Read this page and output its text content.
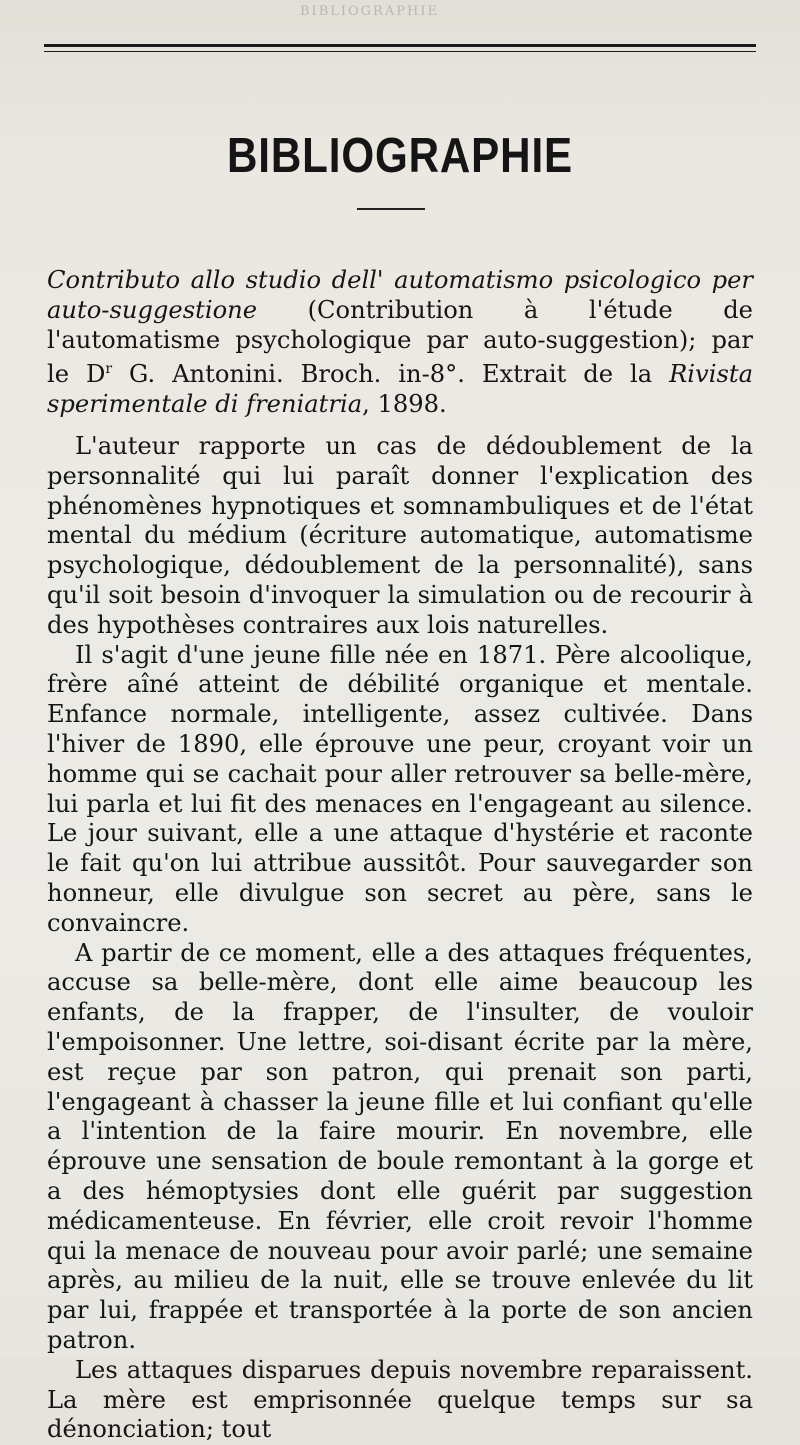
BIBLIOGRAPHIE
BIBLIOGRAPHIE
Contributo allo studio dell' automatismo psicologico per auto-suggestione (Contribution à l'étude de l'automatisme psychologique par auto-suggestion); par le $D^r$ G. Antonini. Broch. in-8°. Extrait de la Rivista sperimentale di freniatria, 1898.

L'auteur rapporte un cas de dédoublement de la personnalité qui lui paraît donner l'explication des phénomènes hypnotiques et somnambuliques et de l'état mental du médium (écriture automatique, automatisme psychologique, dédoublement de la personnalité), sans qu'il soit besoin d'invoquer la simulation ou de recourir à des hypothèses contraires aux lois naturelles.

Il s'agit d'une jeune fille née en 1871. Père alcoolique, frère aîné atteint de débilité organique et mentale. Enfance normale, intelligente, assez cultivée. Dans l'hiver de 1890, elle éprouve une peur, croyant voir un homme qui se cachait pour aller retrouver sa belle-mère, lui parla et lui fit des menaces en l'engageant au silence. Le jour suivant, elle a une attaque d'hystérie et raconte le fait qu'on lui attribue aussitôt. Pour sauvegarder son honneur, elle divulgue son secret au père, sans le convaincre.

A partir de ce moment, elle a des attaques fréquentes, accuse sa belle-mère, dont elle aime beaucoup les enfants, de la frapper, de l'insulter, de vouloir l'empoisonner. Une lettre, soi-disant écrite par la mère, est reçue par son patron, qui prenait son parti, l'engageant à chasser la jeune fille et lui confiant qu'elle a l'intention de la faire mourir. En novembre, elle éprouve une sensation de boule remontant à la gorge et a des hémoptysies dont elle guérit par suggestion médicamenteuse. En février, elle croit revoir l'homme qui la menace de nouveau pour avoir parlé; une semaine après, au milieu de la nuit, elle se trouve enlevée du lit par lui, frappée et transportée à la porte de son ancien patron.

Les attaques disparues depuis novembre reparaissent. La mère est emprisonnée quelque temps sur sa dénonciation; tout
